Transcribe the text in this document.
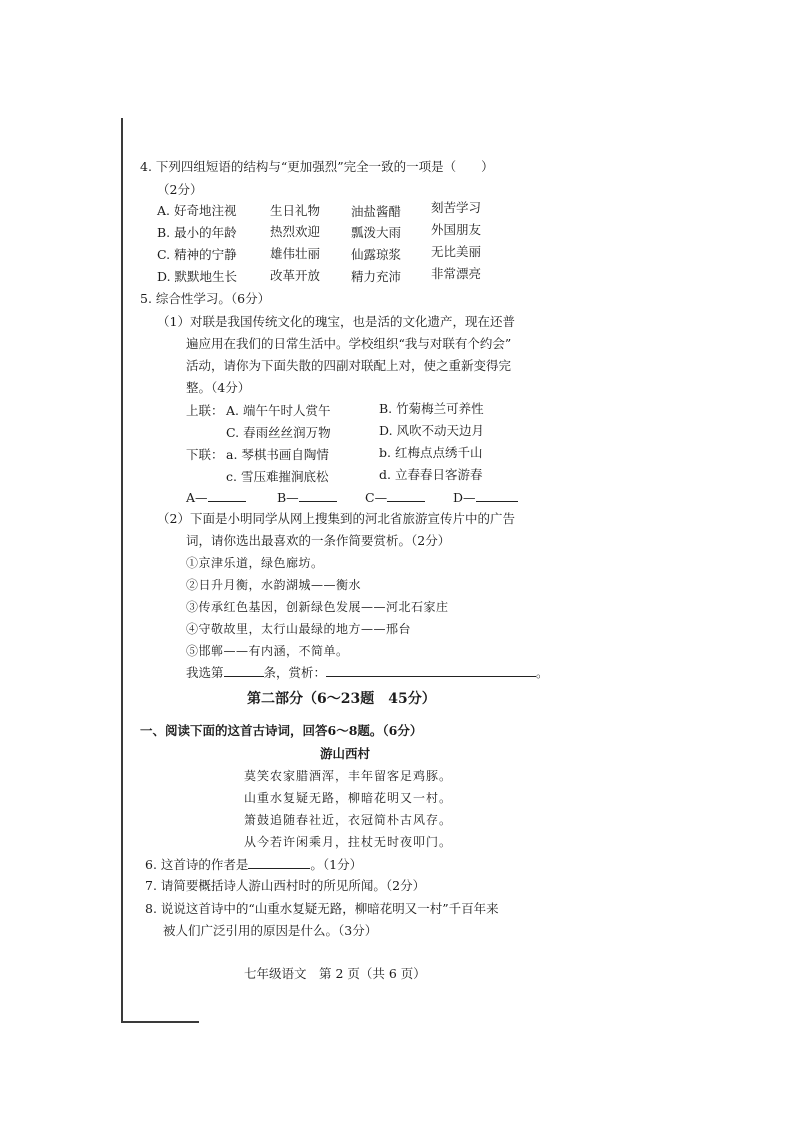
4. 下列四组短语的结构与“更加强烈”完全一致的一项是（　　）
（2分）
A. 好奇地注视	生日礼物 油盐酱醋 刻苦学习
B. 最小的年龄	热烈欢迎 瓢泼大雨 外国朋友
C. 精神的宁静	雄伟壮丽 仙露琼浆 无比美丽
D. 默默地生长	改革开放 精力充沛 非常漂亮
5. 综合性学习。（6分）
（1）对联是我国传统文化的瑰宝，也是活的文化遗产，现在还普
遍应用在我们的日常生活中。学校组织“我与对联有个约会”
活动，请你为下面失散的四副对联配上对，使之重新变得完
整。（4分）
上联： A. 端午午时人赏午	B. 竹菊梅兰可养性
C. 春雨丝丝润万物	D. 风吹不动天边月
下联： a. 琴棋书画自陶情	b. 红梅点点绣千山
c. 雪压难摧涧底松	d. 立春春日客游春
A—	B—	C—	D—
（2）下面是小明同学从网上搜集到的河北省旅游宣传片中的广告
词，请你选出最喜欢的一条作简要赏析。（2分）
①京津乐道，绿色廊坊。
②日升月衡，水韵湖城——衡水
③传承红色基因，创新绿色发展——河北石家庄
④守敬故里，太行山最绿的地方——邢台
⑤邯郸——有内涵，不简单。
我选第	条，赏析：	。
第二部分（6～23题　45分）
一、阅读下面的这首古诗词，回答6～8题。（6分）
游山西村
莫笑农家腊酒浑，丰年留客足鸡豚。
山重水复疑无路，柳暗花明又一村。
箫鼓追随春社近，衣冠简朴古风存。
从今若许闲乘月，拄杖无时夜叩门。
6. 这首诗的作者是	。（1分）
7. 请简要概括诗人游山西村时的所见所闻。（2分）
8. 说说这首诗中的“山重水复疑无路，柳暗花明又一村”千百年来
被人们广泛引用的原因是什么。（3分）
七年级语文　第 2 页（共 6 页）
